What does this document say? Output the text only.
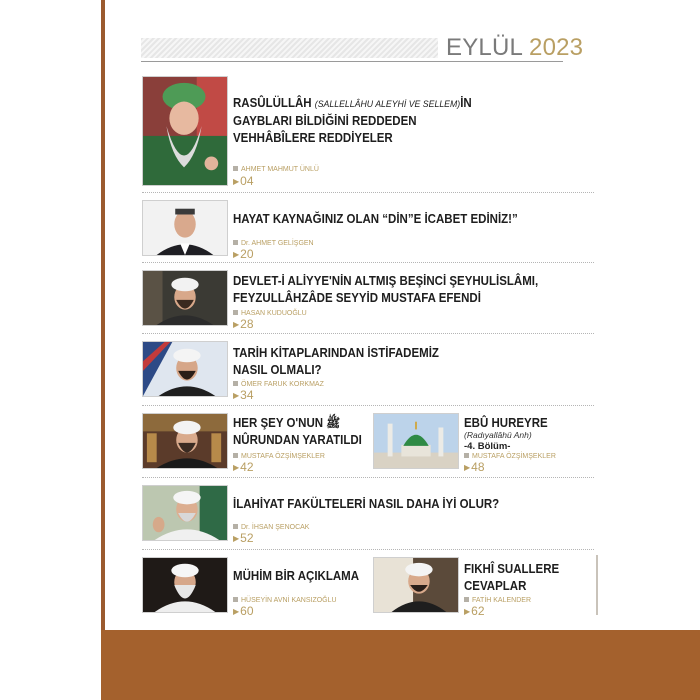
EYLÜL 2023
RASÛLÜLLÂH (SALLELLÂHU ALEYHİ VE SELLEM)İN
GAYBLARI BİLDİĞİNİ REDDEDEN
VEHHÂBÎLERE REDDİYELER
AHMET MAHMUT ÜNLÜ
▶04
HAYAT KAYNAĞINIZ OLAN “DİN”E İCABET EDİNİZ!”
Dr. AHMET GELİŞGEN
▶20
DEVLET-İ ALİYYE'NİN ALTMIŞ BEŞİNCİ ŞEYHULİSLÂMI,
FEYZULLÂHZÂDE SEYYİD MUSTAFA EFENDİ
HASAN KUDUOĞLU
▶28
TARİH KİTAPLARINDAN İSTİFADEMİZ
NASIL OLMALI?
ÖMER FARUK KORKMAZ
▶34
HER ŞEY O'NUN ﷺ
NÛRUNDAN YARATILDI
MUSTAFA ÖZŞİMŞEKLER
▶42
EBÛ HUREYRE
(Radıyallâhü Anh)
-4. Bölüm-
MUSTAFA ÖZŞİMŞEKLER
▶48
İLAHİYAT FAKÜLTELERİ NASIL DAHA İYİ OLUR?
Dr. İHSAN ŞENOCAK
▶52
MÜHİM BİR AÇIKLAMA
HÜSEYİN AVNİ KANSIZOĞLU
▶60
FIKHÎ SUALLERE
CEVAPLAR
FATİH KALENDER
▶62
